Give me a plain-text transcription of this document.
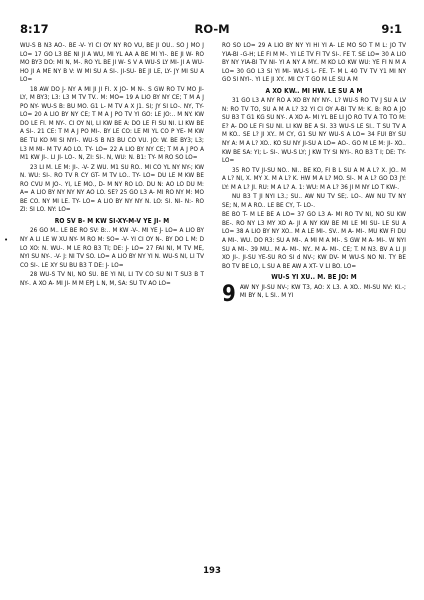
8:17	RO-M	9:1
•

WU-S B N3 AO-. BE -V- YI CI OY NY RO VU, BE JI OU.. SO J MO J LO= 17 GO L3 BE NI JI A WU, MI YL AA A BE MI YI-. BE JI W- RO MO BY3 DO: MI N, M-. RO YL BE JI W- S V A WU-S LY MI- JI A WU- HO JI A ME NY B V: W MI SU A SI-. JI-SU- BE JI LE, LY- JY MI SU A LO=

18 AW DO J- NY A MI JI JI FI. X JO- M N-. S GW RO TV MO JI- LY, M BY3; L3: L3 M TV TV.. M: MO= 19 A LIO BY NY CE; T M A J PO NY- WU-S B: BU MO. G1 L- M TV A X J1. SI; JY SI LO-. NY, TY- LO= 20 A LIO BY NY CE; T M A J PO TV YI GO: LE JO:.. M NY. KW DO LE FI. M NY-. CI OY NI, LI KW BE A: DO LE FI SU NI. LI KW BE A SI-. 21 CE: T M A J PO MI-. BY LE CO: LE MI YL CO P YE- M KW BE TU KO MI SI NYI-. WU-S B N3 BU CO VU. JO: W. BE BY3; L3; L3 M MI- M TV AO LO. TY- LO= 22 A LIO BY NY CE; T M A J PO A M1 KW JI-. LI JI- LO-. N, ZI: SI-. N, WU: N. B1: TY- M RO SO LO=

23 LI M. LE M: JI-. -V- Z WU. M1 SU RO.. MI CO YL NY NY-; KW N. WU: SI-. RO TV R CY GT- M TV LO.. TY- LO= DU LE M KW BE RO CVU M JO-. YI, LE MO., D- M NY RO LO. DU N: AO LO DU M: A= A LIO BY NY NY NY AO LO. SE? 25 GO L3 A- MI RO NY M: MO BE CO. NY MI LE. TY- LO= A LIO BY NY NY N. LO: SI. NI- N:- RO ZI: SI LO. NY: LO=

RO SV B- M KW SI-XY-M-V YE JI- M

26 GO M.. LE BE RO SV: B:.. M KW -V-. MI YE J- LO= A LIO BY NY A LI LE W XU NY- M RO M: SO= -V- YI CI OY N-. BY DO L M: D LO XO: N. WU-. M LE RO B3 TI; DE: J- LO= 27 FAI NI, M TV ME, NYI SU NY-. -V- J: NI TV SO. LO= A LIO BY NY YI N. WU-S NI, LI TV CO SI-. LE XY SU BU B3 T DE: J- LO=

28 WU-S TV NI, NO SU. BE YI NI, LI TV CO SU NI T SU3 B T NY-. A XO A- MI JI- M M EPJ L N, M, SA: SU TV AO LO=

RO SO LO= 29 A LIO BY NY YI HI YI A- LE MO SO T M L: JO TV YIA-BI -G-H; LE FI M M-. YI LE TV FI TV SI-. FE T. SE LO= 30 A LIO BY NY YIA-BI TV NI- YI A NY A MY.. M KO LO KW WU: YE FI N M A LO= 30 GO L3 SI YI MI- WU-S L- FE. T- M L 40 TV TV Y1 MI NY GO SI NYI-. YI LE JI XY.. MI CY T GO M LE SU A M

A XO KW.. MI HW. LE SU A M

31 GO L3 A NY RO A XO BY NY NY-. L? WU-S RO TV J SU A LV N: RO TV TO, SU A M A L? 32 YI CI OY A-BI TV M: K. B: RO A JO SU B3 T G1 KG SU NY-. A XO A- MI YL BE LI JO RO TV A TO TO M: E? A- DO LE FI SU NI. LI KW BE A SI. 33 WU-S LE SI.. T SU TV A M KO.. SE L? JI XY.. M CY, G1 SU NY WU-S A LO= 34 FUI BY SU NY A: M A L? XO.. KO SU NY JI-SU A LO= AO-. GO M LE M: JI- XO.. KW BE SA: YI; L- SI-. WU-S LY; J KW TY SI NYI-. RO B3 T I; DE: TY- LO=

35 RO TV JI-SU NO.. NI.. BE KO, FI B L SU A M A L? X. JO.. M A L? NI, X. MY X. M A L? K. HW M A L? MO. SI-. M A L? GO D3 JY: LY: M A L? JI. RU: M A L? A. 1: WU: M A L? 36 JI M NY LO T KW-.

NU B3 T JI NYI L3.; SU.. AW NU TV SE;. LO-. AW NU TV NY SE; N, M A RO.. LE BE CY, T- LO-.

BE BO T- M LE BE A LO= 37 GO L3 A- MI RO TV NI, NO SU KW BE-. RO NY L3 MY XO A- JI A NY KW BE MI LE MI SU- LE SU A LO= 38 A LIO BY NY XO.. M A LE MI-. SV.. M A- MI-. MU KW FI DU A MI-. WU. DO R3: SU A MI-. A MI M A MI-. S GW M A- MI-. W NYI SU A MI-. 39 MU.. M A- MI-. NY.. M A- MI-. CE; T. M N3. BV A LI JI XO JI-. JI-SU YE-SU RO SI d NV-; KW DV- M WU-S NO NI. TY BE BO TV BE LO, L SU A BE AW A XT- V LI BO. LO=

WU-S YI XU.. M. BE JO: M

9 AW NY JI-SU NV-; KW T3, AO: X L3. A XO.. MI-SU NV: KI.-; MI BY N, L SI.. M YI

193
